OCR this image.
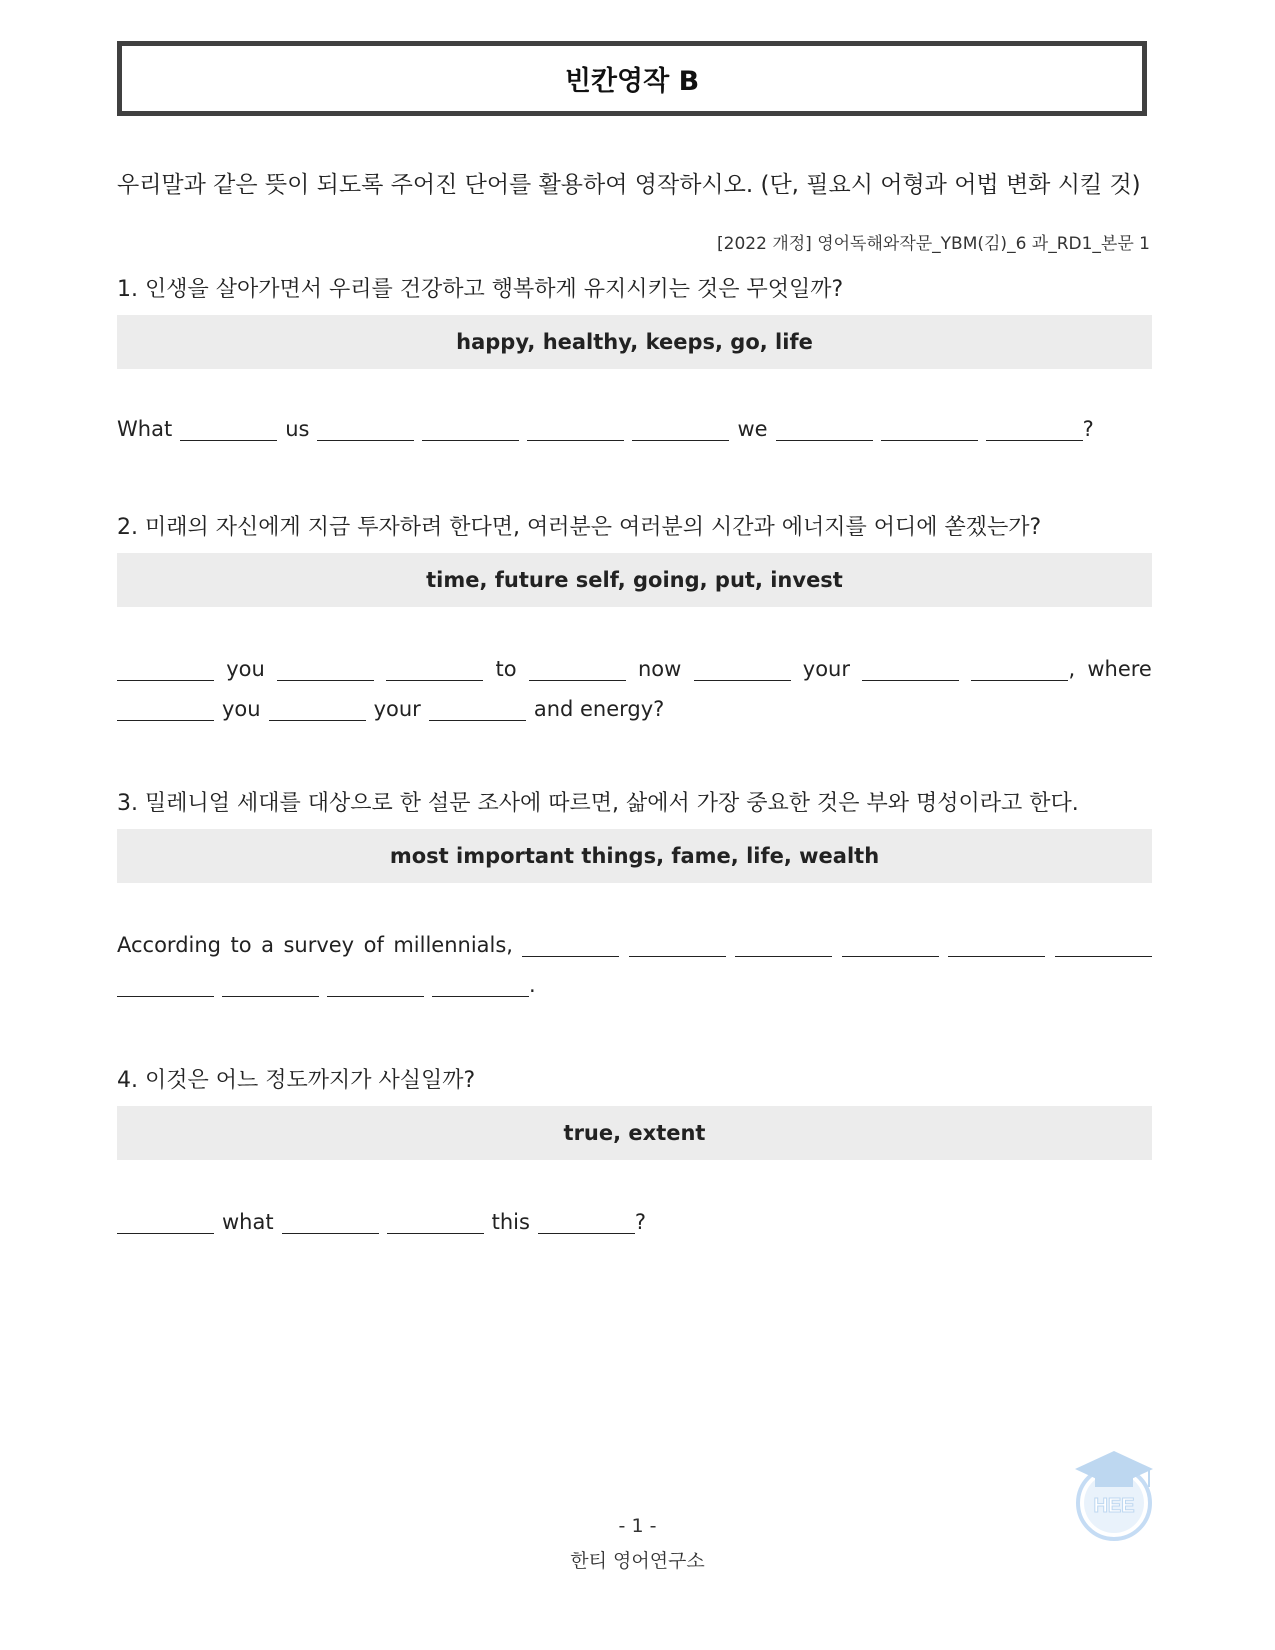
빈칸영작 B
우리말과 같은 뜻이 되도록 주어진 단어를 활용하여 영작하시오. (단, 필요시 어형과 어법 변화 시킬 것)
[2022 개정] 영어독해와작문_YBM(김)_6 과_RD1_본문 1
1. 인생을 살아가면서 우리를 건강하고 행복하게 유지시키는 것은 무엇일까?
happy, healthy, keeps, go, life
What	us	we	?
2. 미래의 자신에게 지금 투자하려 한다면, 여러분은 여러분의 시간과 에너지를 어디에 쏟겠는가?
time, future self, going, put, invest
you	to	now	your	, where
you	your	and energy?
3. 밀레니얼 세대를 대상으로 한 설문 조사에 따르면, 삶에서 가장 중요한 것은 부와 명성이라고 한다.
most important things, fame, life, wealth
According to a survey of millennials,
.
4. 이것은 어느 정도까지가 사실일까?
true, extent
what	this	?
- 1 -
한티 영어연구소
HEE
